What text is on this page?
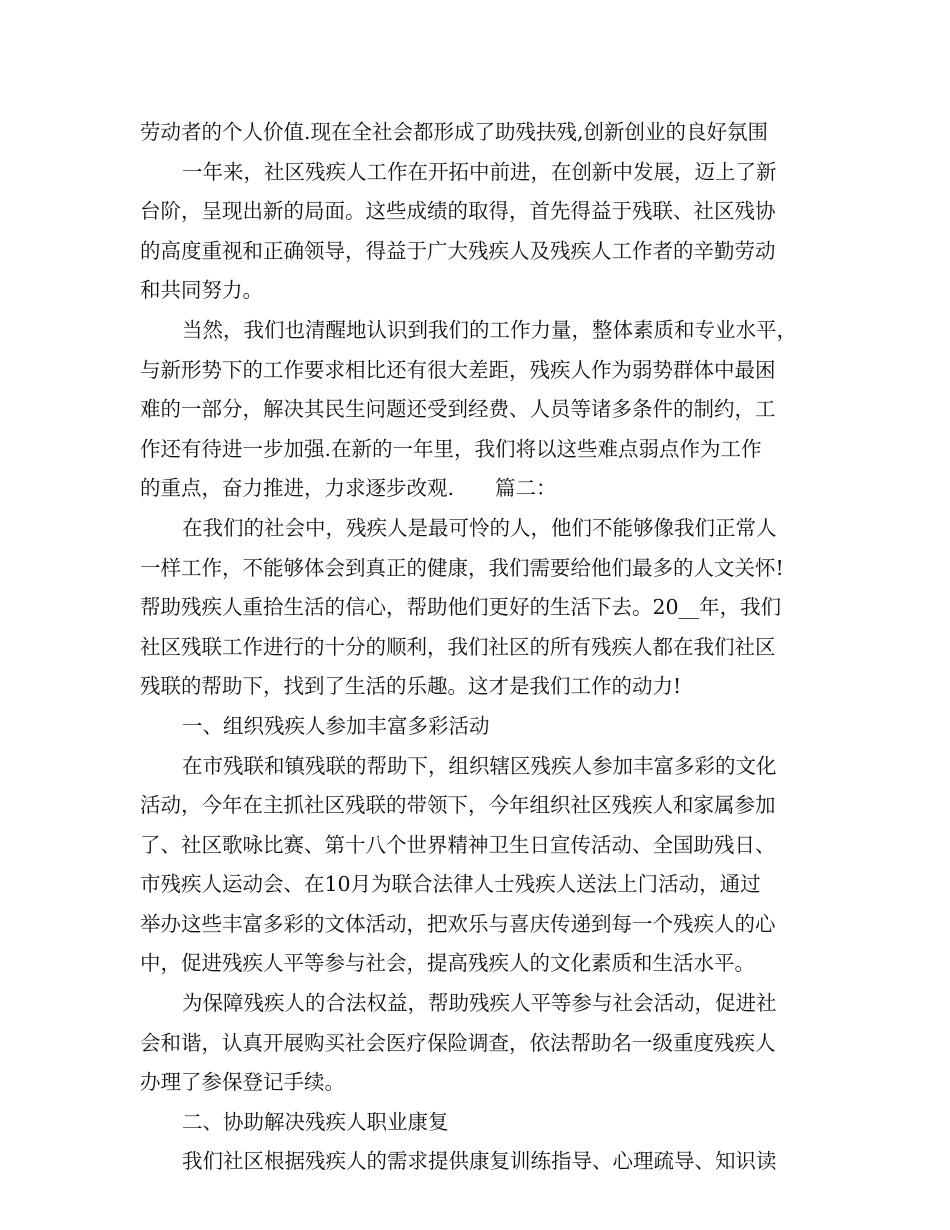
劳动者的个人价值.现在全社会都形成了助残扶残,创新创业的良好氛围
一年来，社区残疾人工作在开拓中前进，在创新中发展，迈上了新
台阶，呈现出新的局面。这些成绩的取得，首先得益于残联、社区残协
的高度重视和正确领导，得益于广大残疾人及残疾人工作者的辛勤劳动
和共同努力。
当然，我们也清醒地认识到我们的工作力量，整体素质和专业水平，
与新形势下的工作要求相比还有很大差距，残疾人作为弱势群体中最困
难的一部分，解决其民生问题还受到经费、人员等诸多条件的制约，工
作还有待进一步加强.在新的一年里，我们将以这些难点弱点作为工作
的重点，奋力推进，力求逐步改观.　　篇二：
在我们的社会中，残疾人是最可怜的人，他们不能够像我们正常人
一样工作，不能够体会到真正的健康，我们需要给他们最多的人文关怀!
帮助残疾人重拾生活的信心，帮助他们更好的生活下去。20__年，我们
社区残联工作进行的十分的顺利，我们社区的所有残疾人都在我们社区
残联的帮助下，找到了生活的乐趣。这才是我们工作的动力!
一、组织残疾人参加丰富多彩活动
在市残联和镇残联的帮助下，组织辖区残疾人参加丰富多彩的文化
活动，今年在主抓社区残联的带领下，今年组织社区残疾人和家属参加
了、社区歌咏比赛、第十八个世界精神卫生日宣传活动、全国助残日、
市残疾人运动会、在10月为联合法律人士残疾人送法上门活动，通过
举办这些丰富多彩的文体活动，把欢乐与喜庆传递到每一个残疾人的心
中，促进残疾人平等参与社会，提高残疾人的文化素质和生活水平。
为保障残疾人的合法权益，帮助残疾人平等参与社会活动，促进社
会和谐，认真开展购买社会医疗保险调查，依法帮助名一级重度残疾人
办理了参保登记手续。
二、协助解决残疾人职业康复
我们社区根据残疾人的需求提供康复训练指导、心理疏导、知识读
